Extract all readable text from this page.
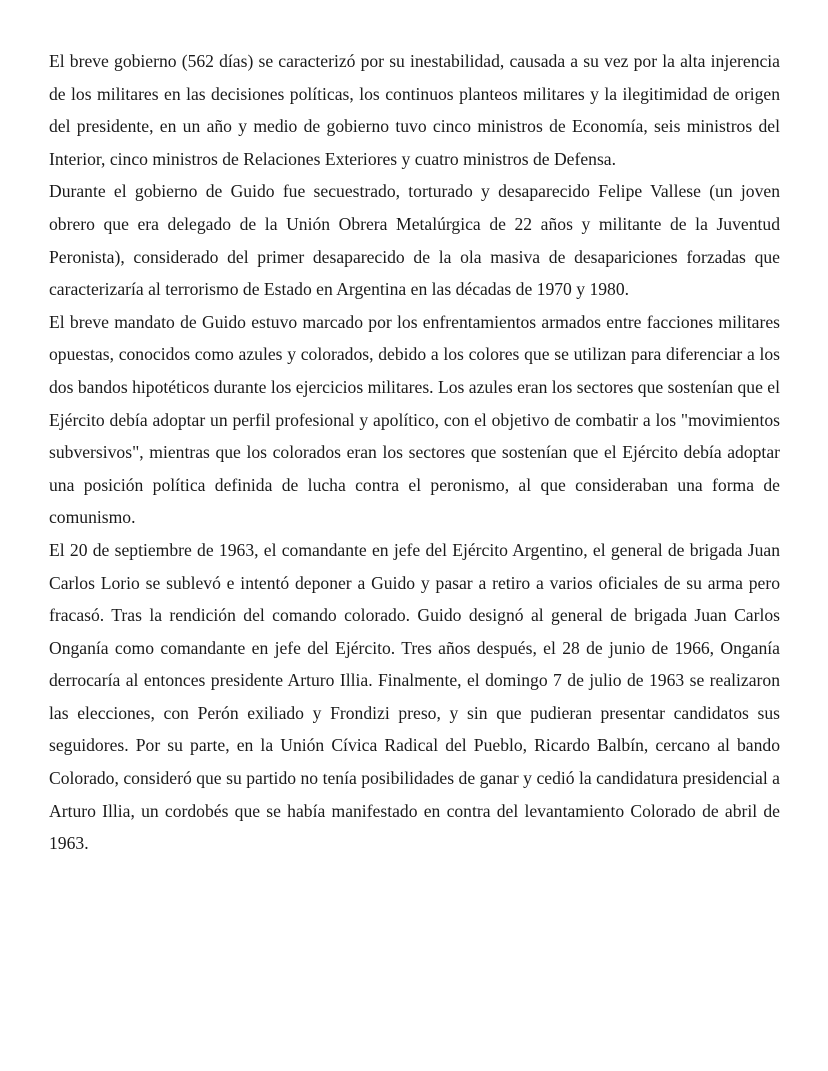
El breve gobierno (562 días) se caracterizó por su inestabilidad, causada a su vez por la alta injerencia de los militares en las decisiones políticas, los continuos planteos militares y la ilegitimidad de origen del presidente, en un año y medio de gobierno tuvo cinco ministros de Economía, seis ministros del Interior, cinco ministros de Relaciones Exteriores y cuatro ministros de Defensa.

Durante el gobierno de Guido fue secuestrado, torturado y desaparecido Felipe Vallese (un joven obrero que era delegado de la Unión Obrera Metalúrgica de 22 años y militante de la Juventud Peronista), considerado del primer desaparecido de la ola masiva de desapariciones forzadas que caracterizaría al terrorismo de Estado en Argentina en las décadas de 1970 y 1980.

El breve mandato de Guido estuvo marcado por los enfrentamientos armados entre facciones militares opuestas, conocidos como azules y colorados, debido a los colores que se utilizan para diferenciar a los dos bandos hipotéticos durante los ejercicios militares. Los azules eran los sectores que sostenían que el Ejército debía adoptar un perfil profesional y apolítico, con el objetivo de combatir a los "movimientos subversivos", mientras que los colorados eran los sectores que sostenían que el Ejército debía adoptar una posición política definida de lucha contra el peronismo, al que consideraban una forma de comunismo.

El 20 de septiembre de 1963, el comandante en jefe del Ejército Argentino, el general de brigada Juan Carlos Lorio se sublevó e intentó deponer a Guido y pasar a retiro a varios oficiales de su arma pero fracasó. Tras la rendición del comando colorado. Guido designó al general de brigada Juan Carlos Onganía como comandante en jefe del Ejército. Tres años después, el 28 de junio de 1966, Onganía derrocaría al entonces presidente Arturo Illia. Finalmente, el domingo 7 de julio de 1963 se realizaron las elecciones, con Perón exiliado y Frondizi preso, y sin que pudieran presentar candidatos sus seguidores. Por su parte, en la Unión Cívica Radical del Pueblo, Ricardo Balbín, cercano al bando Colorado, consideró que su partido no tenía posibilidades de ganar y cedió la candidatura presidencial a Arturo Illia, un cordobés que se había manifestado en contra del levantamiento Colorado de abril de 1963.
